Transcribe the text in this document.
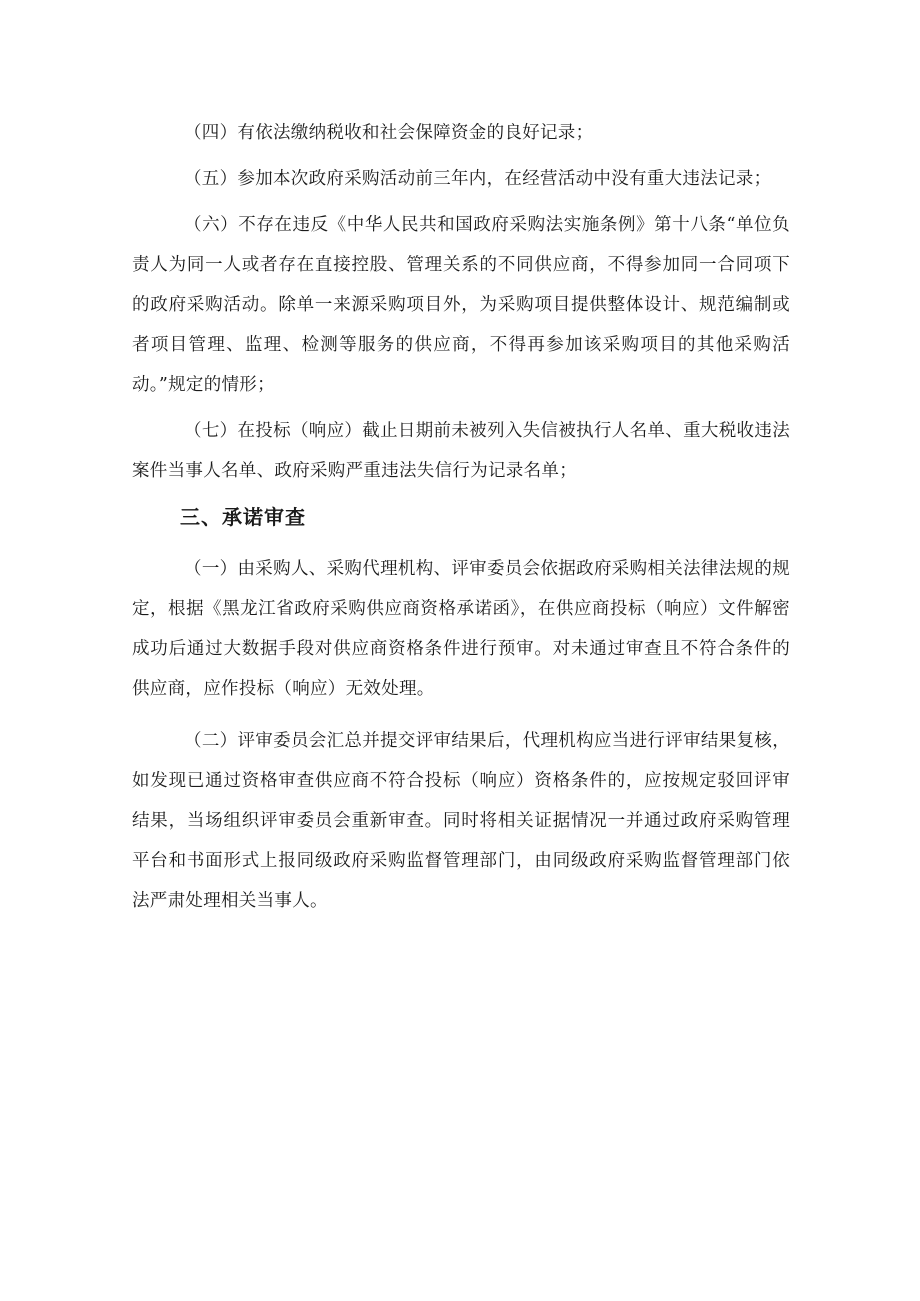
（四）有依法缴纳税收和社会保障资金的良好记录；

（五）参加本次政府采购活动前三年内，在经营活动中没有重大违法记录；

（六）不存在违反《中华人民共和国政府采购法实施条例》第十八条“单位负责人为同一人或者存在直接控股、管理关系的不同供应商，不得参加同一合同项下的政府采购活动。除单一来源采购项目外，为采购项目提供整体设计、规范编制或者项目管理、监理、检测等服务的供应商，不得再参加该采购项目的其他采购活动。”规定的情形；

（七）在投标（响应）截止日期前未被列入失信被执行人名单、重大税收违法案件当事人名单、政府采购严重违法失信行为记录名单；

三、承诺审查

（一）由采购人、采购代理机构、评审委员会依据政府采购相关法律法规的规定，根据《黑龙江省政府采购供应商资格承诺函》，在供应商投标（响应）文件解密成功后通过大数据手段对供应商资格条件进行预审。对未通过审查且不符合条件的供应商，应作投标（响应）无效处理。

（二）评审委员会汇总并提交评审结果后，代理机构应当进行评审结果复核，如发现已通过资格审查供应商不符合投标（响应）资格条件的，应按规定驳回评审结果，当场组织评审委员会重新审查。同时将相关证据情况一并通过政府采购管理平台和书面形式上报同级政府采购监督管理部门，由同级政府采购监督管理部门依法严肃处理相关当事人。
